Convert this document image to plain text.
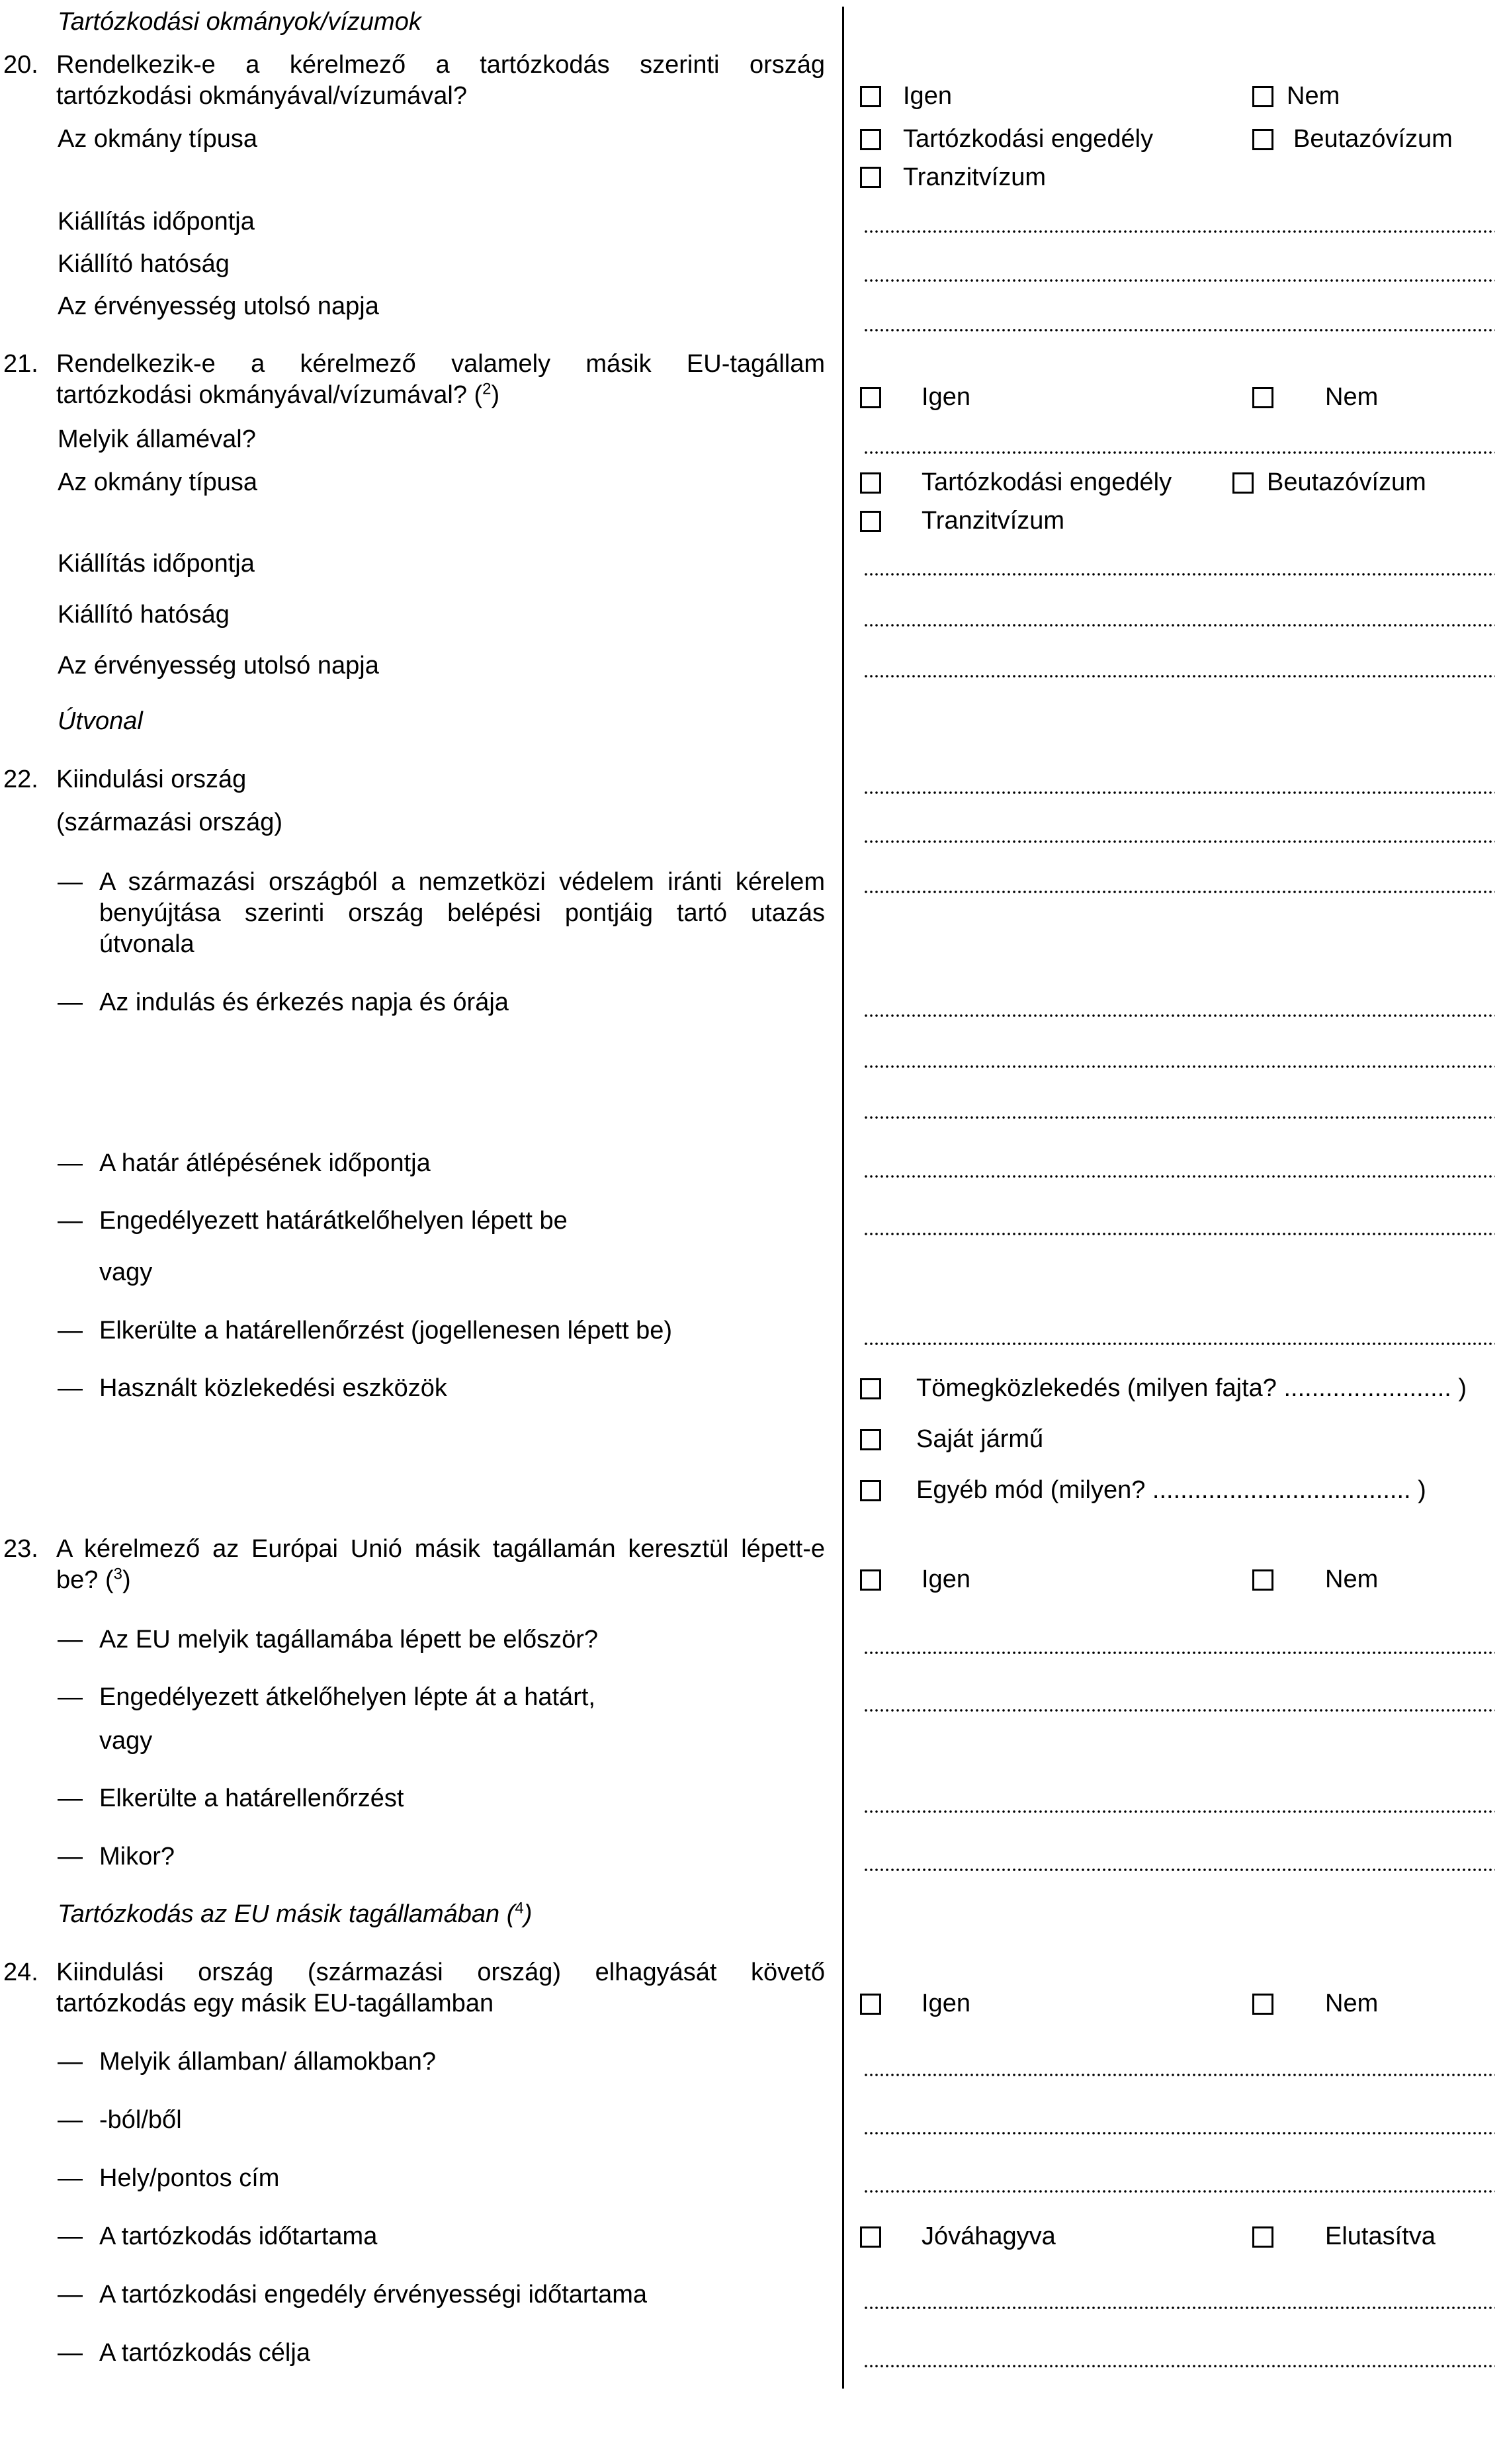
Tartózkodási okmányok/vízumok
20. Rendelkezik-e a kérelmező a tartózkodás szerinti ország tartózkodási okmányával/vízumával?	Igen	Nem
Az okmány típusa	Tartózkodási engedély	Beutazóvízum
Tranzitvízum
Kiállítás időpontja
Kiállító hatóság
Az érvényesség utolsó napja
21. Rendelkezik-e a kérelmező valamely másik EU-tagállam tartózkodási okmányával/vízumával? ($^2$)	Igen	Nem
Melyik államéval?
Az okmány típusa	Tartózkodási engedély	Beutazóvízum
Tranzitvízum
Kiállítás időpontja
Kiállító hatóság
Az érvényesség utolsó napja
Útvonal
22. Kiindulási ország
(származási ország)
— A származási országból a nemzetközi védelem iránti kérelem benyújtása szerinti ország belépési pontjáig tartó utazás útvonala
— Az indulás és érkezés napja és órája
— A határ átlépésének időpontja
— Engedélyezett határátkelőhelyen lépett be
vagy
— Elkerülte a határellenőrzést (jogellenesen lépett be)
— Használt közlekedési eszközök	Tömegközlekedés (milyen fajta? ........................ )
Saját jármű
Egyéb mód (milyen? ..................................... )
23. A kérelmező az Európai Unió másik tagállamán keresztül lépett-e be? ($^3$)	Igen	Nem
— Az EU melyik tagállamába lépett be először?
— Engedélyezett átkelőhelyen lépte át a határt,
vagy
— Elkerülte a határellenőrzést
— Mikor?
Tartózkodás az EU másik tagállamában ($^4$)
24. Kiindulási ország (származási ország) elhagyását követő tartózkodás egy másik EU-tagállamban	Igen	Nem
— Melyik államban/ államokban?
— -ból/ből
— Hely/pontos cím
— A tartózkodás időtartama	Jóváhagyva	Elutasítva
— A tartózkodási engedély érvényességi időtartama
— A tartózkodás célja
